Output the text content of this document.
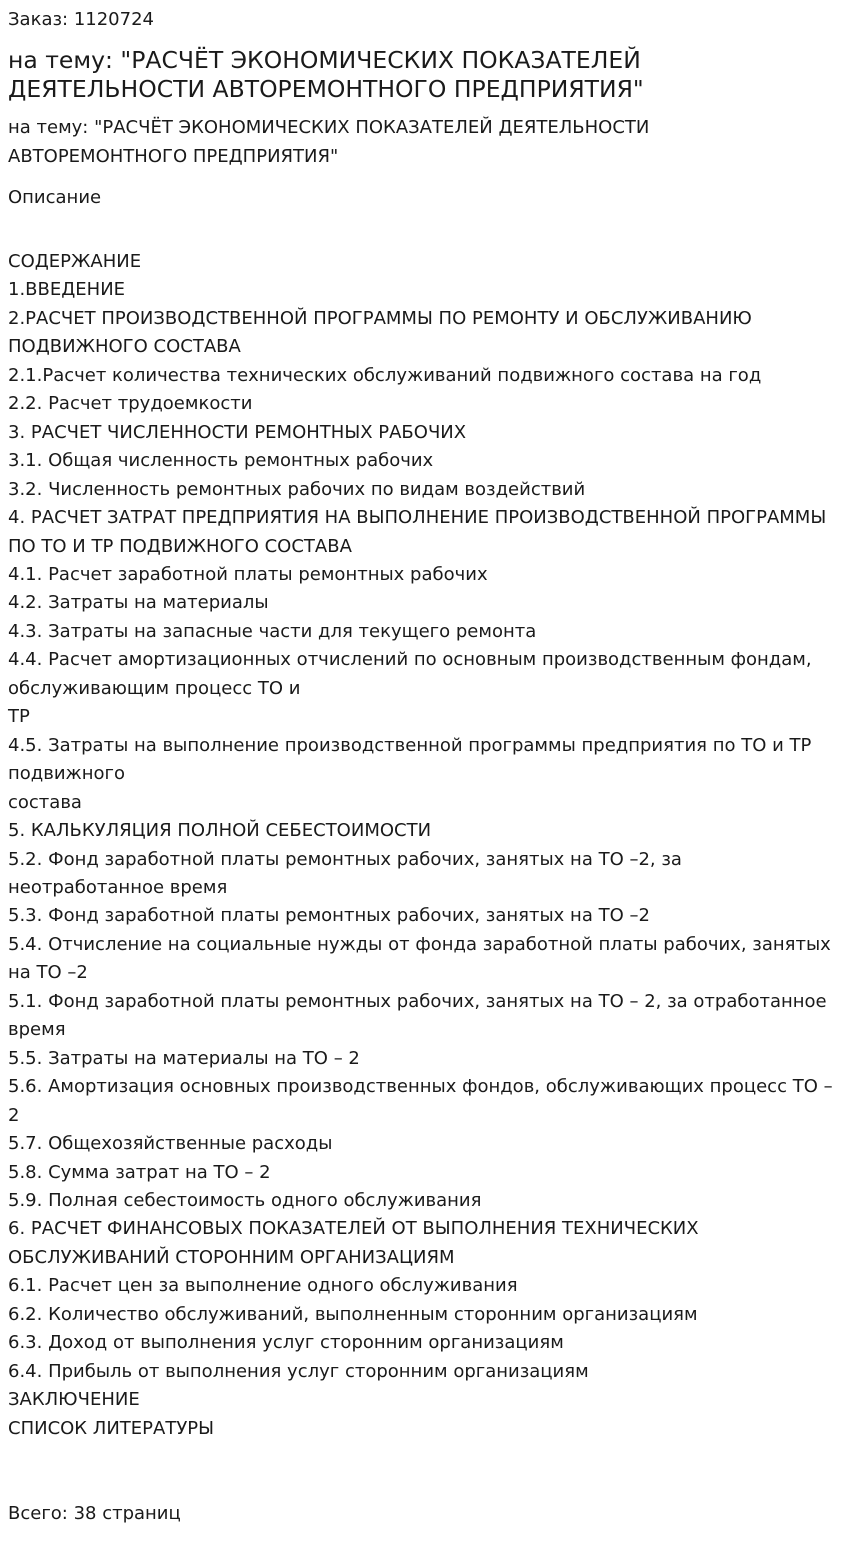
Заказ: 1120724
на тему: "РАСЧЁТ ЭКОНОМИЧЕСКИХ ПОКАЗАТЕЛЕЙ ДЕЯТЕЛЬНОСТИ АВТОРЕМОНТНОГО ПРЕДПРИЯТИЯ"
на тему: "РАСЧЁТ ЭКОНОМИЧЕСКИХ ПОКАЗАТЕЛЕЙ ДЕЯТЕЛЬНОСТИ АВТОРЕМОНТНОГО ПРЕДПРИЯТИЯ"
Описание
СОДЕРЖАНИЕ
1.ВВЕДЕНИЕ
2.РАСЧЕТ ПРОИЗВОДСТВЕННОЙ ПРОГРАММЫ ПО РЕМОНТУ И ОБСЛУЖИВАНИЮ ПОДВИЖНОГО СОСТАВА
2.1.Расчет количества технических обслуживаний подвижного состава на год
2.2. Расчет трудоемкости
3. РАСЧЕТ ЧИСЛЕННОСТИ РЕМОНТНЫХ РАБОЧИХ
3.1. Общая численность ремонтных рабочих
3.2. Численность ремонтных рабочих по видам воздействий
4. РАСЧЕТ ЗАТРАТ ПРЕДПРИЯТИЯ НА ВЫПОЛНЕНИЕ ПРОИЗВОДСТВЕННОЙ ПРОГРАММЫ ПО ТО И ТР ПОДВИЖНОГО СОСТАВА
4.1. Расчет заработной платы ремонтных рабочих
4.2. Затраты на материалы
4.3. Затраты на запасные части для текущего ремонта
4.4. Расчет амортизационных отчислений по основным производственным фондам,
обслуживающим процесс ТО и
ТР
4.5. Затраты на выполнение производственной программы предприятия по ТО и ТР подвижного
состава
5. КАЛЬКУЛЯЦИЯ ПОЛНОЙ СЕБЕСТОИМОСТИ
5.2. Фонд заработной платы ремонтных рабочих, занятых на ТО –2, за неотработанное время
5.3. Фонд заработной платы ремонтных рабочих, занятых на ТО –2
5.4. Отчисление на социальные нужды от фонда заработной платы рабочих, занятых на ТО –2
5.1. Фонд заработной платы ремонтных рабочих, занятых на ТО – 2, за отработанное время
5.5. Затраты на материалы на ТО – 2
5.6. Амортизация основных производственных фондов, обслуживающих процесс ТО – 2
5.7. Общехозяйственные расходы
5.8. Сумма затрат на ТО – 2
5.9. Полная себестоимость одного обслуживания
6. РАСЧЕТ ФИНАНСОВЫХ ПОКАЗАТЕЛЕЙ ОТ ВЫПОЛНЕНИЯ ТЕХНИЧЕСКИХ ОБСЛУЖИВАНИЙ СТОРОННИМ ОРГАНИЗАЦИЯМ
6.1. Расчет цен за выполнение одного обслуживания
6.2. Количество обслуживаний, выполненным сторонним организациям
6.3. Доход от выполнения услуг сторонним организациям
6.4. Прибыль от выполнения услуг сторонним организациям
ЗАКЛЮЧЕНИЕ
СПИСОК ЛИТЕРАТУРЫ
Всего: 38 страниц
